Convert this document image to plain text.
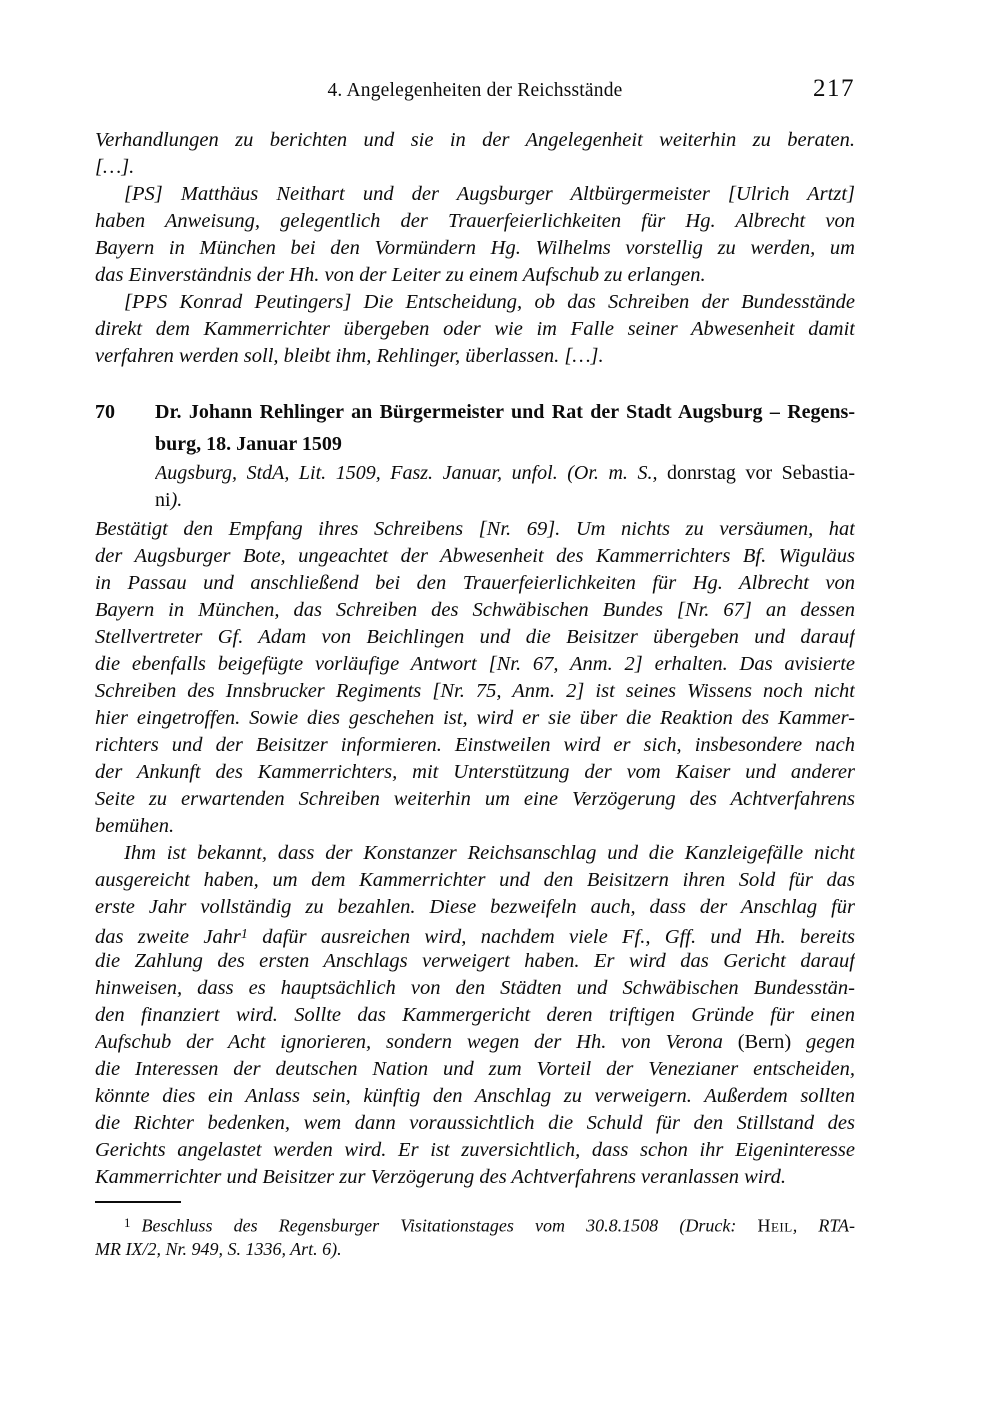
4. Angelegenheiten der Reichsstände	217
Verhandlungen zu berichten und sie in der Angelegenheit weiterhin zu beraten.
[…].
[PS] Matthäus Neithart und der Augsburger Altbürgermeister [Ulrich Artzt]
haben Anweisung, gelegentlich der Trauerfeierlichkeiten für Hg. Albrecht von
Bayern in München bei den Vormündern Hg. Wilhelms vorstellig zu werden, um
das Einverständnis der Hh. von der Leiter zu einem Aufschub zu erlangen.
[PPS Konrad Peutingers] Die Entscheidung, ob das Schreiben der Bundesstände
direkt dem Kammerrichter übergeben oder wie im Falle seiner Abwesenheit damit
verfahren werden soll, bleibt ihm, Rehlinger, überlassen. […].
70 Dr. Johann Rehlinger an Bürgermeister und Rat der Stadt Augsburg – Regens-
burg, 18. Januar 1509
Augsburg, StdA, Lit. 1509, Fasz. Januar, unfol. (Or. m. S., donrstag vor Sebastia-
ni).
Bestätigt den Empfang ihres Schreibens [Nr. 69]. Um nichts zu versäumen, hat
der Augsburger Bote, ungeachtet der Abwesenheit des Kammerrichters Bf. Wiguläus
in Passau und anschließend bei den Trauerfeierlichkeiten für Hg. Albrecht von
Bayern in München, das Schreiben des Schwäbischen Bundes [Nr. 67] an dessen
Stellvertreter Gf. Adam von Beichlingen und die Beisitzer übergeben und darauf
die ebenfalls beigefügte vorläufige Antwort [Nr. 67, Anm. 2] erhalten. Das avisierte
Schreiben des Innsbrucker Regiments [Nr. 75, Anm. 2] ist seines Wissens noch nicht
hier eingetroffen. Sowie dies geschehen ist, wird er sie über die Reaktion des Kammer-
richters und der Beisitzer informieren. Einstweilen wird er sich, insbesondere nach
der Ankunft des Kammerrichters, mit Unterstützung der vom Kaiser und anderer
Seite zu erwartenden Schreiben weiterhin um eine Verzögerung des Achtverfahrens
bemühen.
Ihm ist bekannt, dass der Konstanzer Reichsanschlag und die Kanzleigefälle nicht
ausgereicht haben, um dem Kammerrichter und den Beisitzern ihren Sold für das
erste Jahr vollständig zu bezahlen. Diese bezweifeln auch, dass der Anschlag für
das zweite Jahr$^1$ dafür ausreichen wird, nachdem viele Ff., Gff. und Hh. bereits
die Zahlung des ersten Anschlags verweigert haben. Er wird das Gericht darauf
hinweisen, dass es hauptsächlich von den Städten und Schwäbischen Bundesstän-
den finanziert wird. Sollte das Kammergericht deren triftigen Gründe für einen
Aufschub der Acht ignorieren, sondern wegen der Hh. von Verona (Bern) gegen
die Interessen der deutschen Nation und zum Vorteil der Venezianer entscheiden,
könnte dies ein Anlass sein, künftig den Anschlag zu verweigern. Außerdem sollten
die Richter bedenken, wem dann voraussichtlich die Schuld für den Stillstand des
Gerichts angelastet werden wird. Er ist zuversichtlich, dass schon ihr Eigeninteresse
Kammerrichter und Beisitzer zur Verzögerung des Achtverfahrens veranlassen wird.
$^1$ Beschluss des Regensburger Visitationstages vom 30.8.1508 (Druck: Heil, RTA-
MR IX/2, Nr. 949, S. 1336, Art. 6).
